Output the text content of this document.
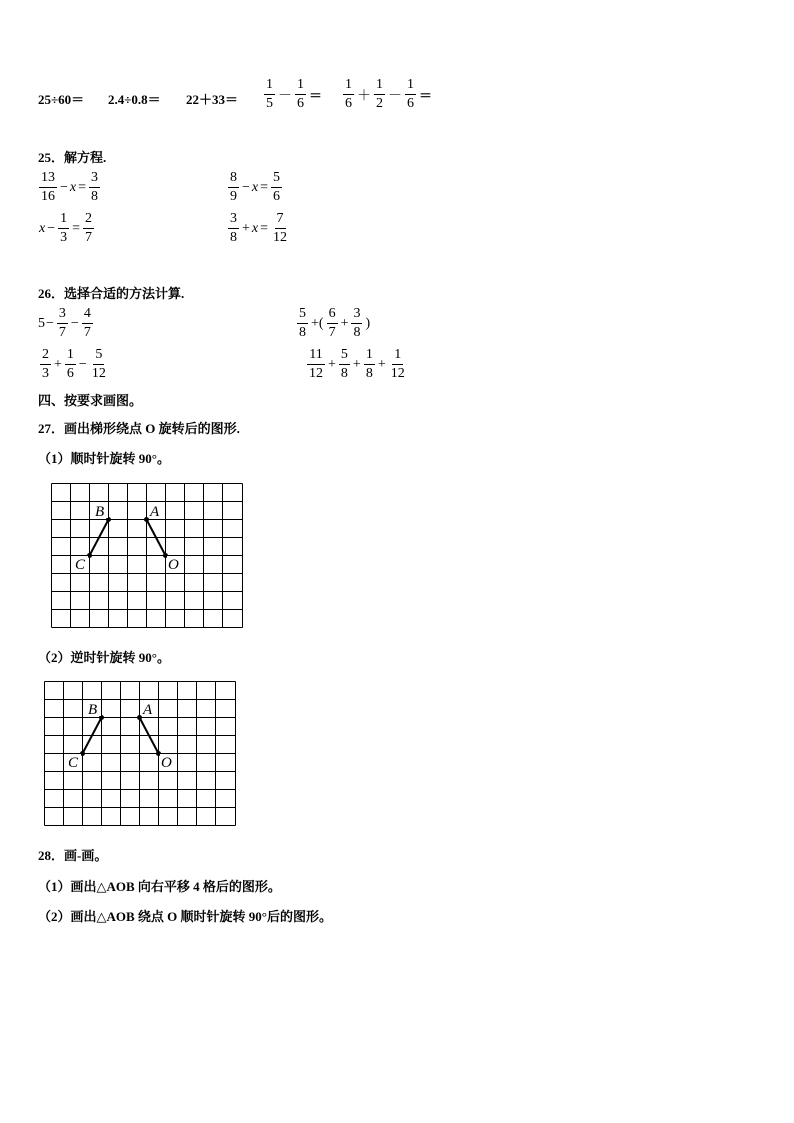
$25\div 60= 2.4\div 0.8= 22+33= \frac{1}{5} - \frac{1}{6} = \frac{1}{6} + \frac{1}{2} - \frac{1}{6}$ ＝
25．解方程.
$\frac{13}{16} - x = \frac{3}{8}$	$\frac{8}{9} - x = \frac{5}{6}$
$x - \frac{1}{3} = \frac{2}{7}$	$\frac{3}{8} + x = \frac{7}{12}$
26．选择合适的方法计算.
$5 - \frac{3}{7} - \frac{4}{7}$	$\frac{5}{8}$ +( $\frac{6}{7} + \frac{3}{8}$ )
$\frac{2}{3} + \frac{1}{6} - \frac{5}{12}$	$\frac{11}{12} + \frac{5}{8} + \frac{1}{8} + \frac{1}{12}$
四、按要求画图。
27．画出梯形绕点 O 旋转后的图形.
（1）顺时针旋转 90°。
B	A
C	O
（2）逆时针旋转 90°。
B	A
C	O
28．画-画。
（1）画出△AOB 向右平移 4 格后的图形。
（2）画出△AOB 绕点 O 顺时针旋转 90°后的图形。
